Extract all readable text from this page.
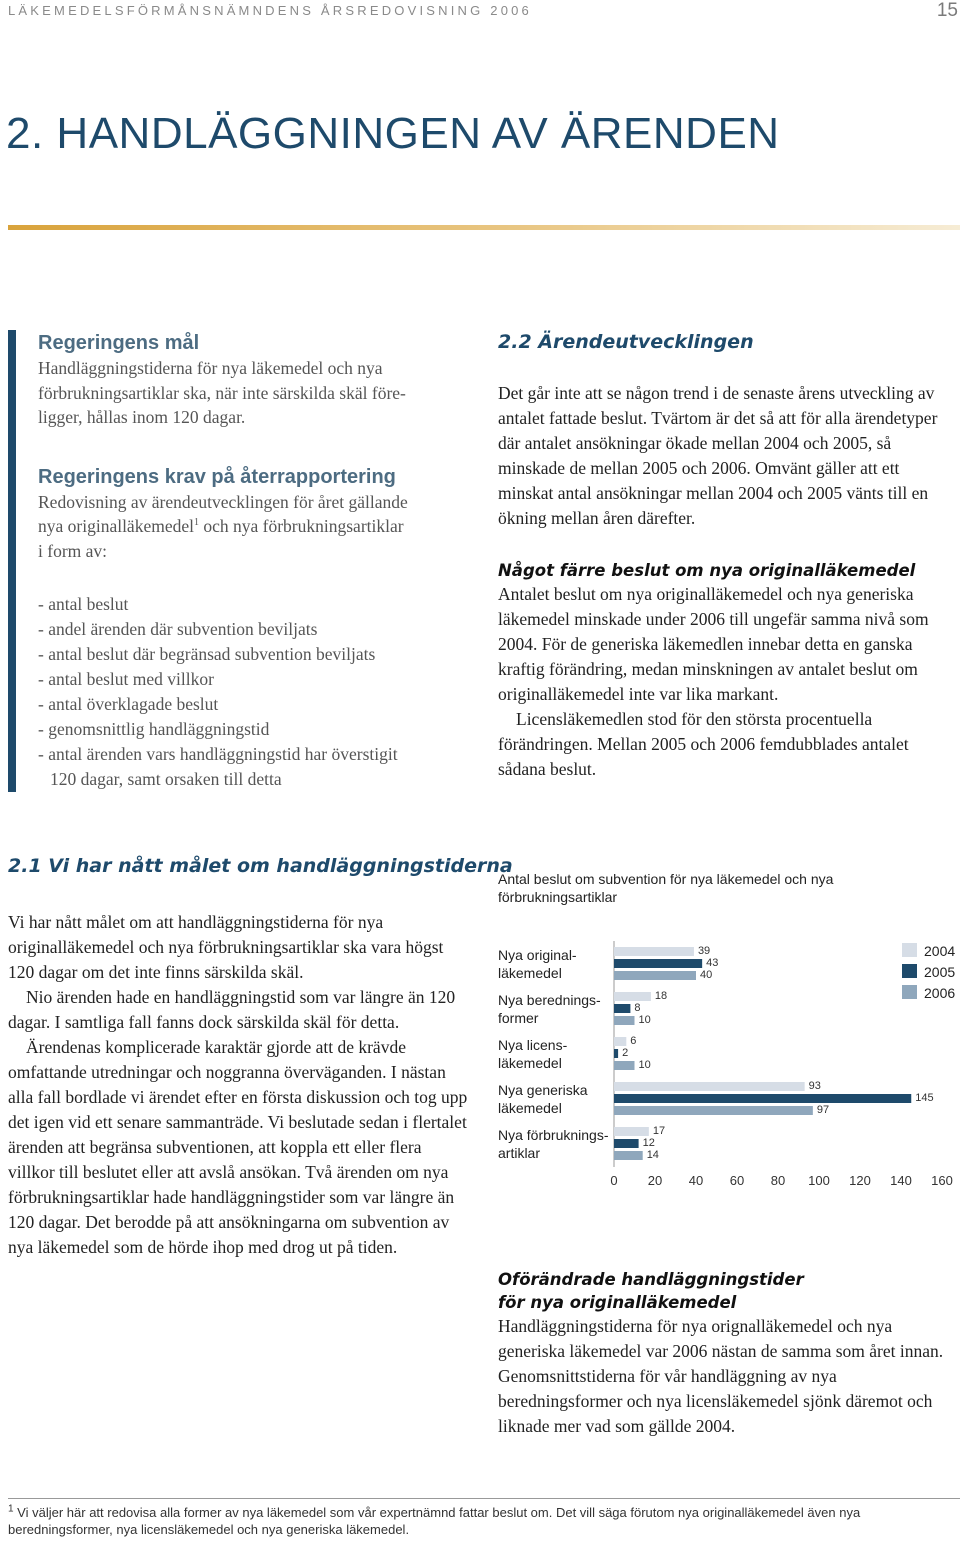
LÄKEMEDELSFÖRMÅNSNÄMNDENS ÅRSREDOVISNING 2006	15
2. HANDLÄGGNINGEN AV ÄRENDEN
Regeringens mål
Handläggningstiderna för nya läkemedel och nya
förbrukningsartiklar ska, när inte särskilda skäl före-
ligger, hållas inom 120 dagar.
Regeringens krav på återrapportering
Redovisning av ärendeutvecklingen för året gällande
nya originalläkemedel$^1$ och nya förbrukningsartiklar
i form av:
- antal beslut
- andel ärenden där subvention beviljats
- antal beslut där begränsad subvention beviljats
- antal beslut med villkor
- antal överklagade beslut
- genomsnittlig handläggningstid
- antal ärenden vars handläggningstid har överstigit
120 dagar, samt orsaken till detta
2.1 Vi har nått målet om handläggningstiderna

Vi har nått målet om att handläggningstiderna för nya originalläkemedel och nya förbrukningsartiklar ska vara högst 120 dagar om det inte finns särskilda skäl.

Nio ärenden hade en handläggningstid som var längre än 120 dagar. I samtliga fall fanns dock särskilda skäl för detta.

Ärendenas komplicerade karaktär gjorde att de krävde omfattande utredningar och noggranna överväganden. I nästan alla fall bordlade vi ärendet efter en första diskussion och tog upp det igen vid ett senare sammanträde. Vi beslutade sedan i flertalet ärenden att begränsa subventionen, att koppla ett eller flera villkor till beslutet eller att avslå ansökan. Två ärenden om nya förbrukningsartiklar hade handläggningstider som var längre än 120 dagar. Det berodde på att ansökningarna om subvention av nya läkemedel som de hörde ihop med drog ut på tiden.

2.2 Ärendeutvecklingen
Det går inte att se någon trend i de senaste årens utveckling av antalet fattade beslut. Tvärtom är det så att för alla ärendetyper där antalet ansökningar ökade mellan 2004 och 2005, så minskade de mellan 2005 och 2006. Omvänt gäller att ett minskat antal ansökningar mellan 2004 och 2005 vänts till en ökning mellan åren därefter.
Något färre beslut om nya originalläkemedel

Antalet beslut om nya originalläkemedel och nya generiska läkemedel minskade under 2006 till ungefär samma nivå som 2004. För de generiska läkemedlen innebar detta en ganska kraftig förändring, medan minskningen av antalet beslut om originalläkemedel inte var lika markant.

Licensläkemedlen stod för den största procentuella förändringen. Mellan 2005 och 2006 femdubblades antalet sådana beslut.

Antal beslut om subvention för nya läkemedel och nya förbrukningsartiklar
Nya original-
läkemedel
39
43
40
Nya berednings-
former
18
8
10
Nya licens-
läkemedel
6
2
10
Nya generiska
läkemedel
93
145
97
Nya förbruknings-
artiklar
17
12
14
0 20 40 60 80 100 120 140 160
2004
2005
2006
Oförändrade handläggningstider för nya originalläkemedel
Handläggningstiderna för nya orignalläkemedel och nya generiska läkemedel var 2006 nästan de samma som året innan. Genomsnittstiderna för vår handläggning av nya beredningsformer och nya licensläkemedel sjönk däremot och liknade mer vad som gällde 2004.
$^1$ Vi väljer här att redovisa alla former av nya läkemedel som vår expertnämnd fattar beslut om. Det vill säga förutom nya originalläkemedel även nya beredningsformer, nya licensläkemedel och nya generiska läkemedel.
